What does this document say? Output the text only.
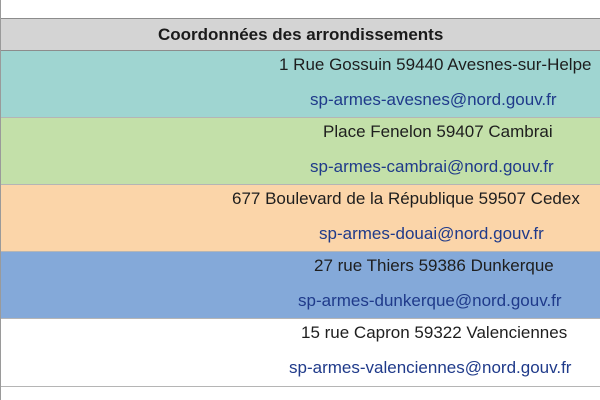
Coordonnées des arrondissements
1 Rue Gossuin 59440 Avesnes-sur-Helpe
sp-armes-avesnes@nord.gouv.fr
Place Fenelon 59407 Cambrai
sp-armes-cambrai@nord.gouv.fr
677 Boulevard de la République 59507 Cedex
sp-armes-douai@nord.gouv.fr
27 rue Thiers 59386 Dunkerque
sp-armes-dunkerque@nord.gouv.fr
15 rue Capron 59322 Valenciennes
sp-armes-valenciennes@nord.gouv.fr
